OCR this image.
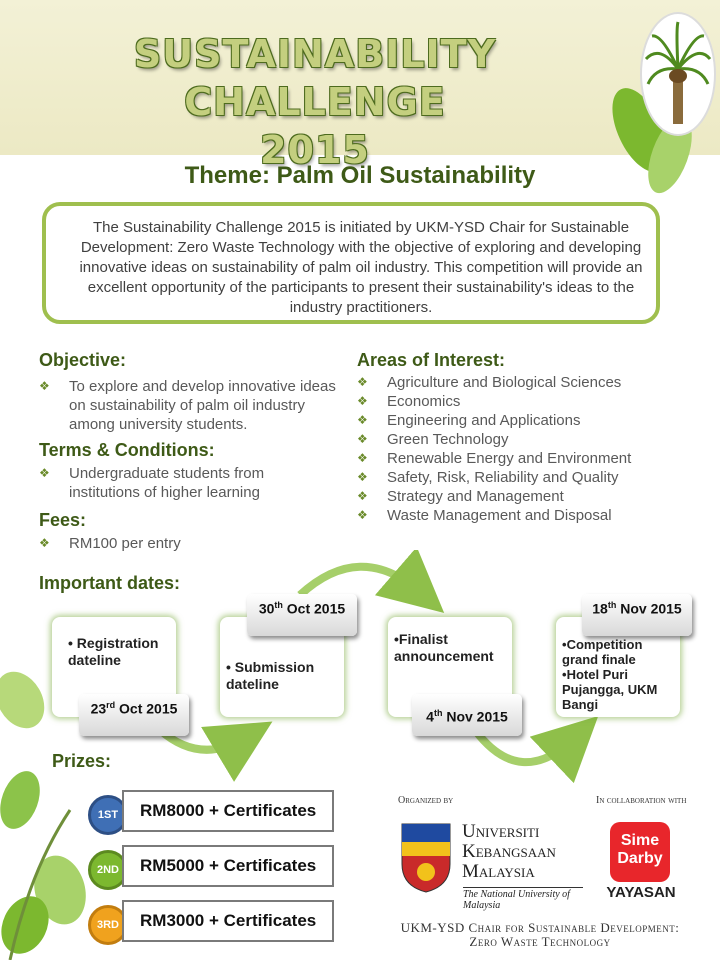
SUSTAINABILITY CHALLENGE
2015
Theme: Palm Oil Sustainability
The Sustainability Challenge 2015 is initiated by UKM-YSD Chair for Sustainable Development: Zero Waste Technology with the objective of exploring and developing innovative ideas on sustainability of palm oil industry. This competition will provide an excellent opportunity of the participants to present their sustainability's ideas to the industry practitioners.
Objective:
❖ To explore and develop innovative ideas on sustainability of palm oil industry among university students.
Terms & Conditions:
❖ Undergraduate students from institutions of higher learning
Fees:
❖ RM100 per entry
Areas of Interest:
❖ Agriculture and Biological Sciences
❖ Economics
❖ Engineering and Applications
❖ Green Technology
❖ Renewable Energy and Environment
❖ Safety, Risk, Reliability and Quality
❖ Strategy and Management
❖ Waste Management and Disposal
Important dates:
• Registration dateline
23rd Oct 2015
• Submission dateline
30th Oct 2015
•Finalist announcement
4th Nov 2015
•Competition grand finale
•Hotel Puri Pujangga, UKM Bangi
18th Nov 2015
Prizes:
1ST	RM8000 + Certificates
2ND	RM5000 + Certificates
3RD	RM3000 + Certificates
Organized by
Universiti
Kebangsaan
Malaysia
The National University of Malaysia
In collaboration with
Sime
Darby
YAYASAN
UKM-YSD Chair for Sustainable Development:
Zero Waste Technology
